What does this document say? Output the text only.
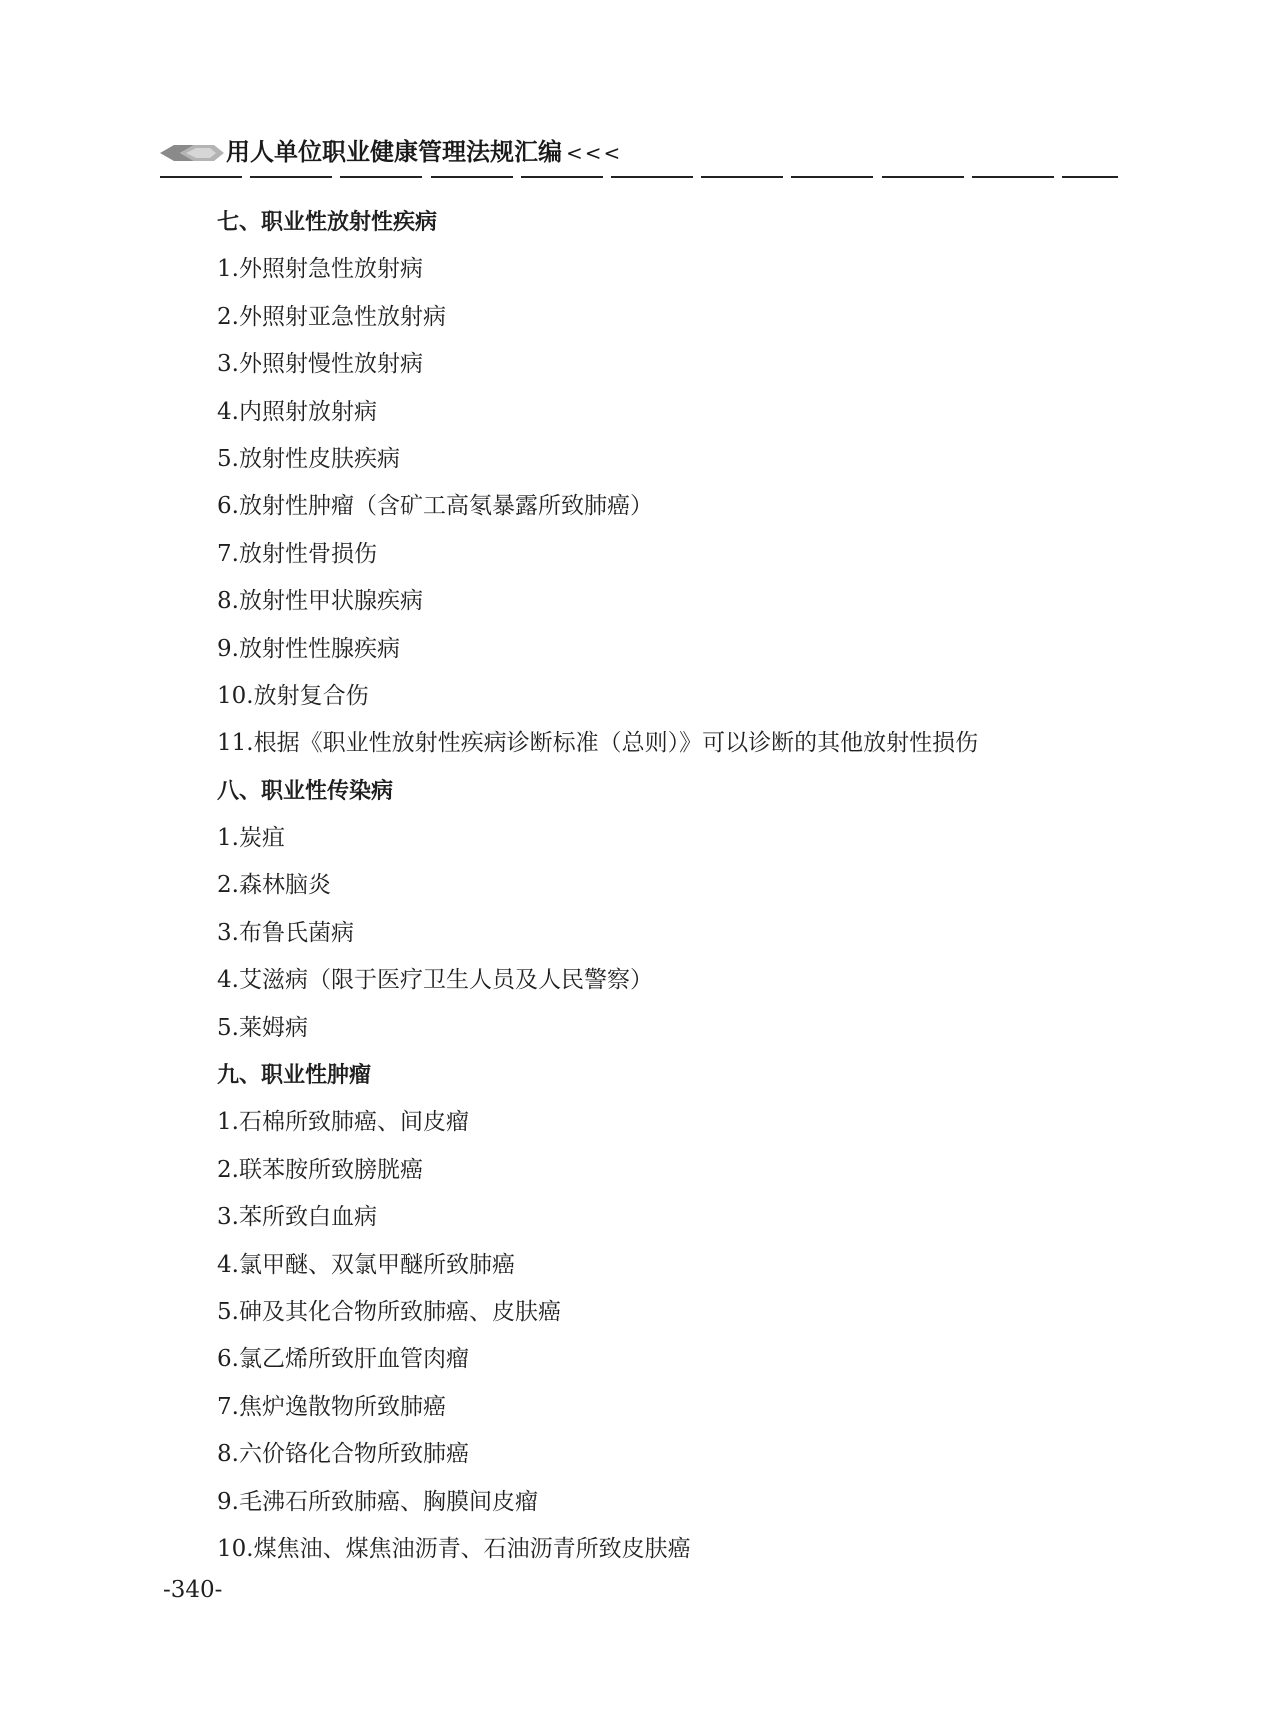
用人单位职业健康管理法规汇编 <<<
七、职业性放射性疾病
1.外照射急性放射病
2.外照射亚急性放射病
3.外照射慢性放射病
4.内照射放射病
5.放射性皮肤疾病
6.放射性肿瘤（含矿工高氡暴露所致肺癌）
7.放射性骨损伤
8.放射性甲状腺疾病
9.放射性性腺疾病
10.放射复合伤
11.根据《职业性放射性疾病诊断标准（总则）》可以诊断的其他放射性损伤
八、职业性传染病
1.炭疽
2.森林脑炎
3.布鲁氏菌病
4.艾滋病（限于医疗卫生人员及人民警察）
5.莱姆病
九、职业性肿瘤
1.石棉所致肺癌、间皮瘤
2.联苯胺所致膀胱癌
3.苯所致白血病
4.氯甲醚、双氯甲醚所致肺癌
5.砷及其化合物所致肺癌、皮肤癌
6.氯乙烯所致肝血管肉瘤
7.焦炉逸散物所致肺癌
8.六价铬化合物所致肺癌
9.毛沸石所致肺癌、胸膜间皮瘤
10.煤焦油、煤焦油沥青、石油沥青所致皮肤癌
-340-
